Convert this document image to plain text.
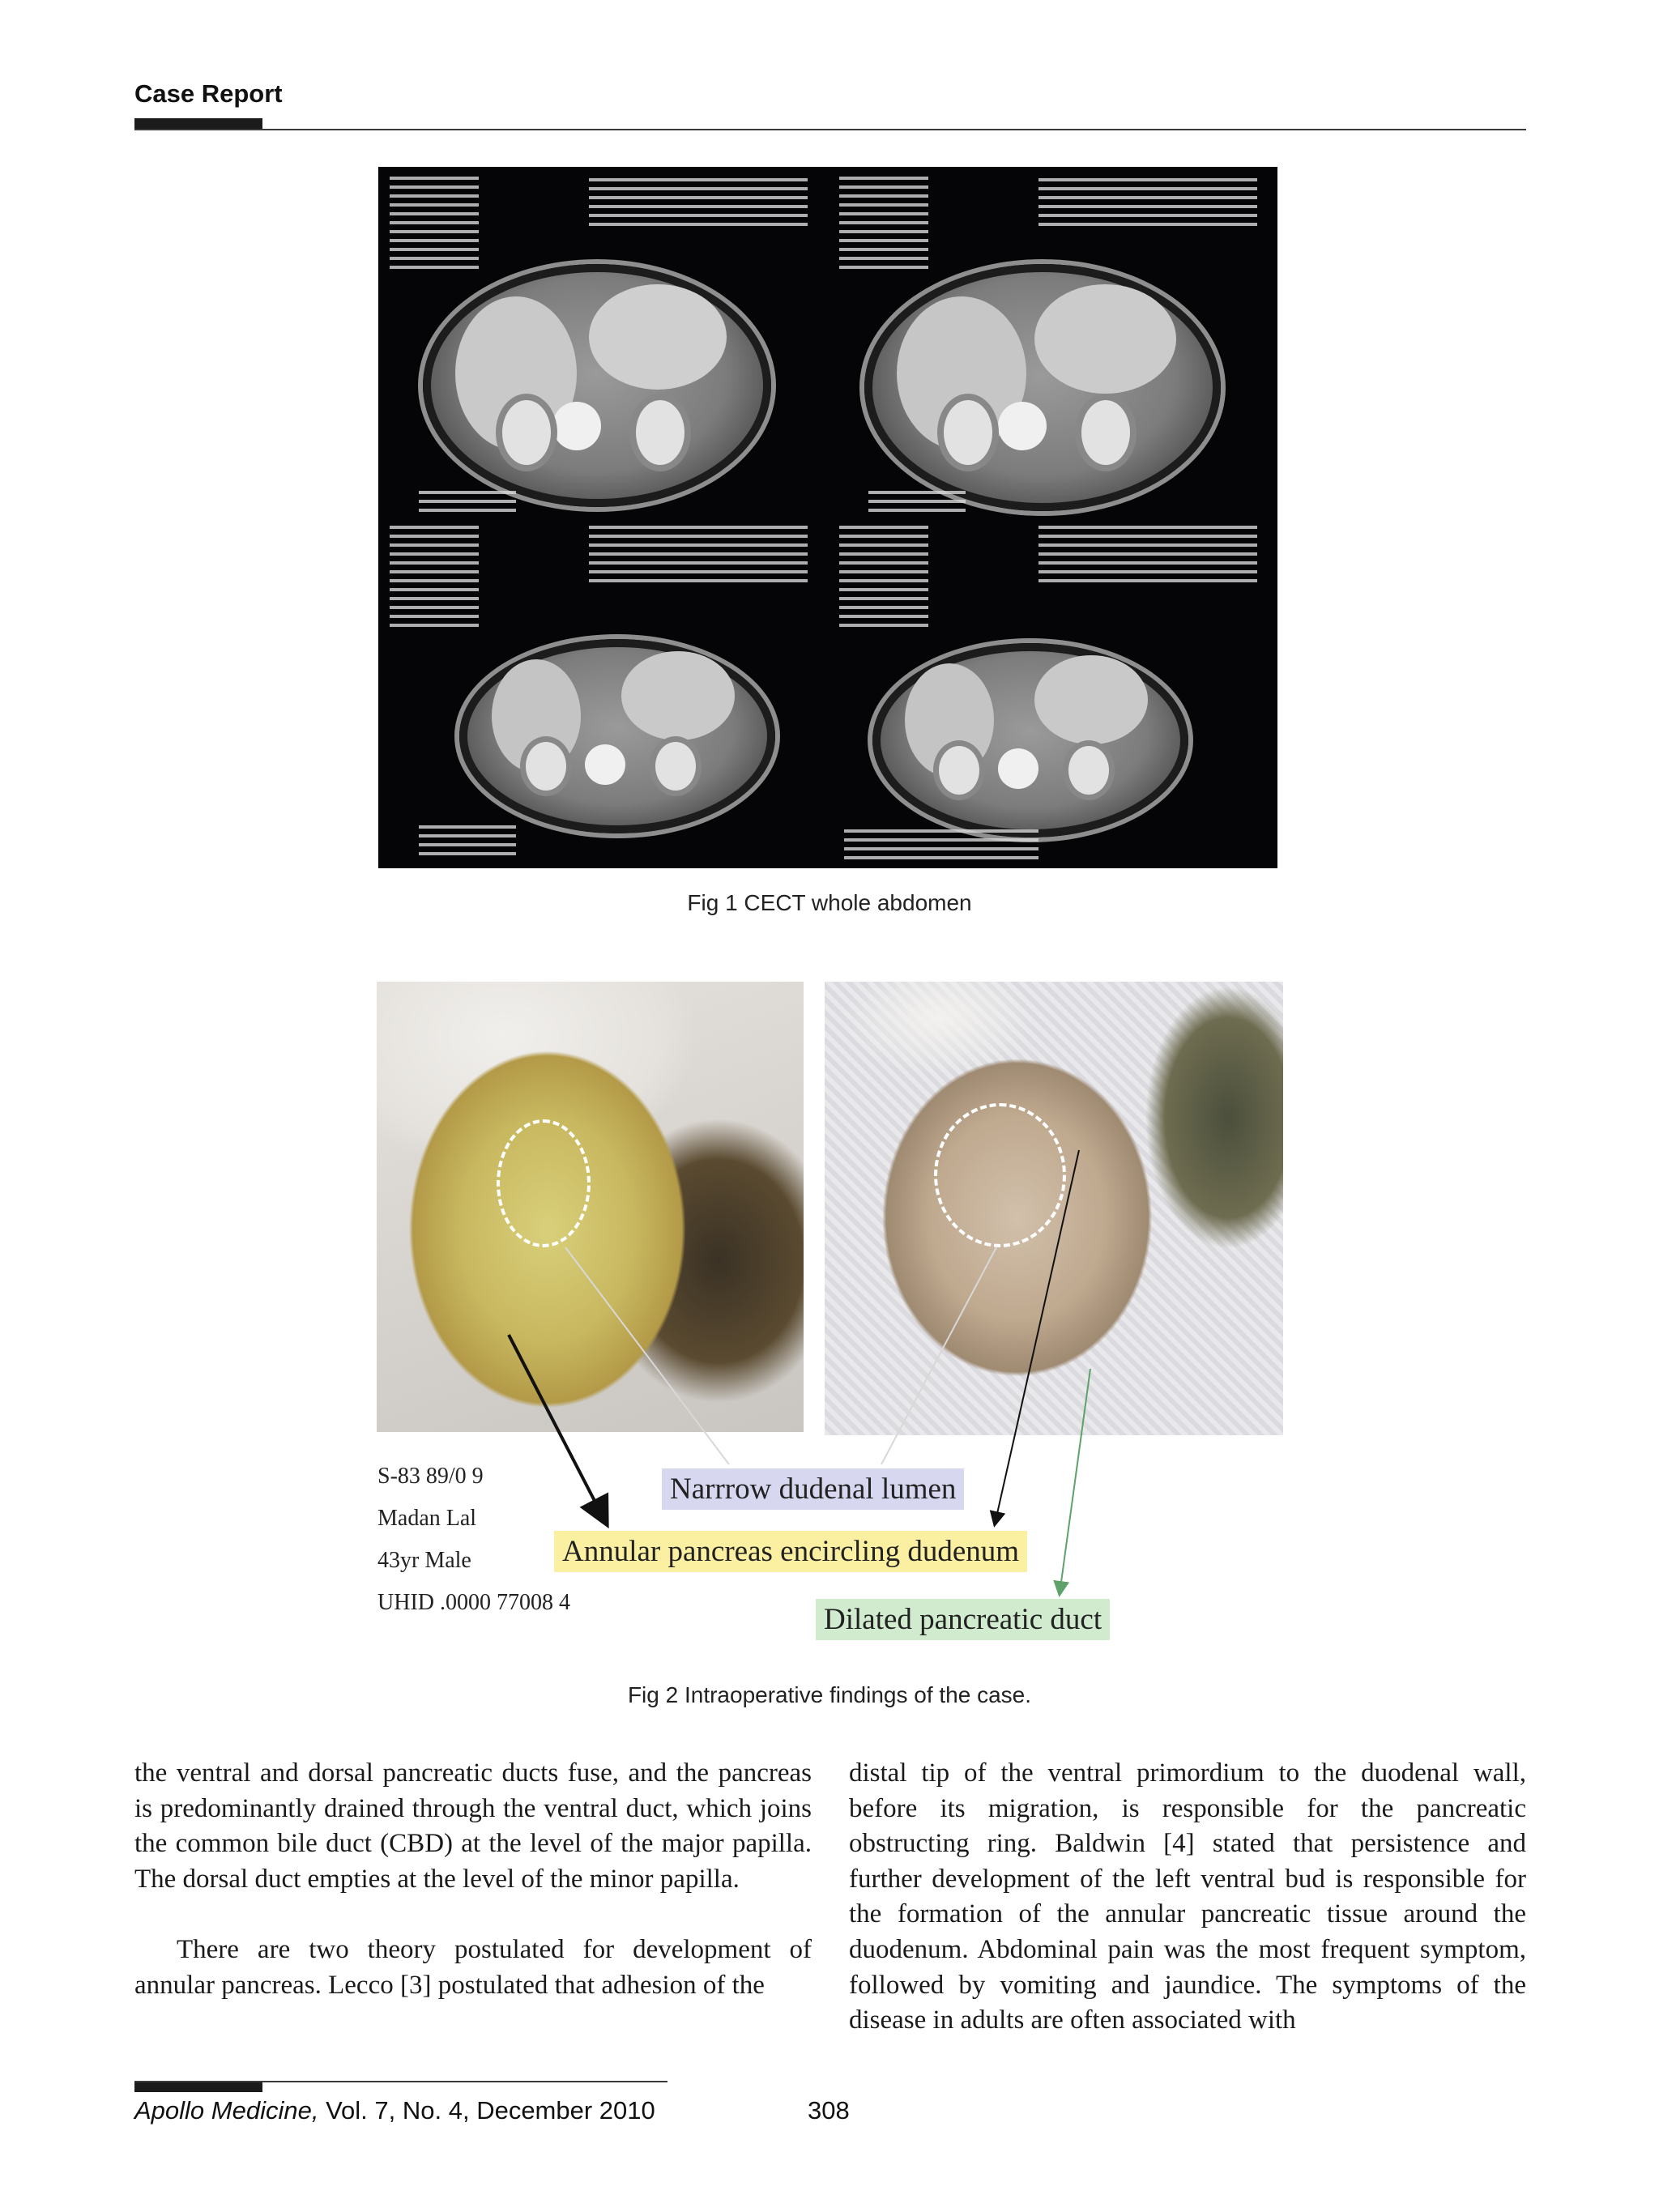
Case Report
Fig 1 CECT whole abdomen
S-83 89/0 9
Madan Lal
43yr Male
UHID .0000 77008 4
Narrrow dudenal lumen
Annular pancreas encircling dudenum
Dilated pancreatic duct
Fig 2 Intraoperative findings of the case.

the ventral and dorsal pancreatic ducts fuse, and the pancreas is predominantly drained through the ventral duct, which joins the common bile duct (CBD) at the level of the major papilla. The dorsal duct empties at the level of the minor papilla.

There are two theory postulated for development of annular pancreas. Lecco [3] postulated that adhesion of the

distal tip of the ventral primordium to the duodenal wall, before its migration, is responsible for the pancreatic obstructing ring. Baldwin [4] stated that persistence and further development of the left ventral bud is responsible for the formation of the annular pancreatic tissue around the duodenum. Abdominal pain was the most frequent symptom, followed by vomiting and jaundice. The symptoms of the disease in adults are often associated with

Apollo Medicine, Vol. 7, No. 4, December 2010	308
